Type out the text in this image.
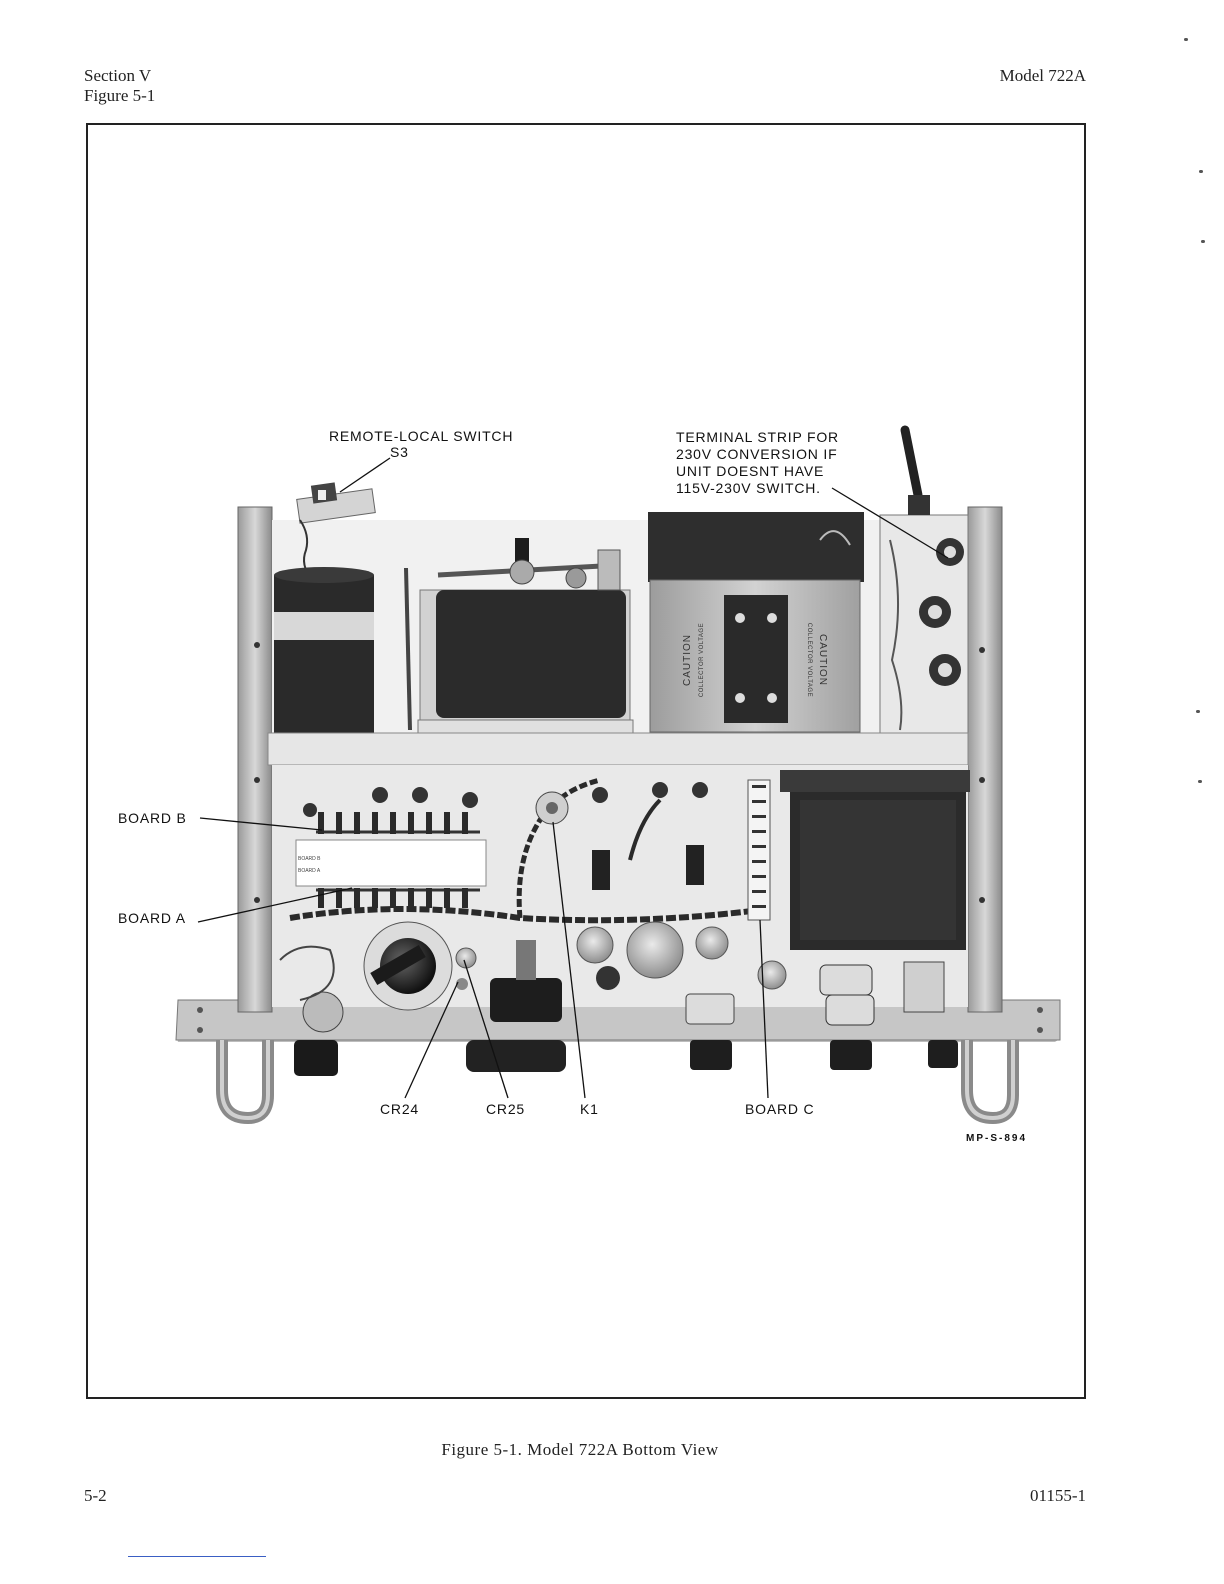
Section V
Figure 5-1
Model 722A
CAUTION COLLECTOR VOLTAGE	CAUTION
COLLECTOR VOLTAGE
BOARD B
BOARD A
REMOTE-LOCAL SWITCH
S3
TERMINAL STRIP FOR
230V CONVERSION IF
UNIT DOESNT HAVE
115V-230V SWITCH.
BOARD B
BOARD A
CR24	CR25	K1	BOARD C
MP-S-894
Figure 5-1. Model 722A Bottom View
5-2	01155-1
